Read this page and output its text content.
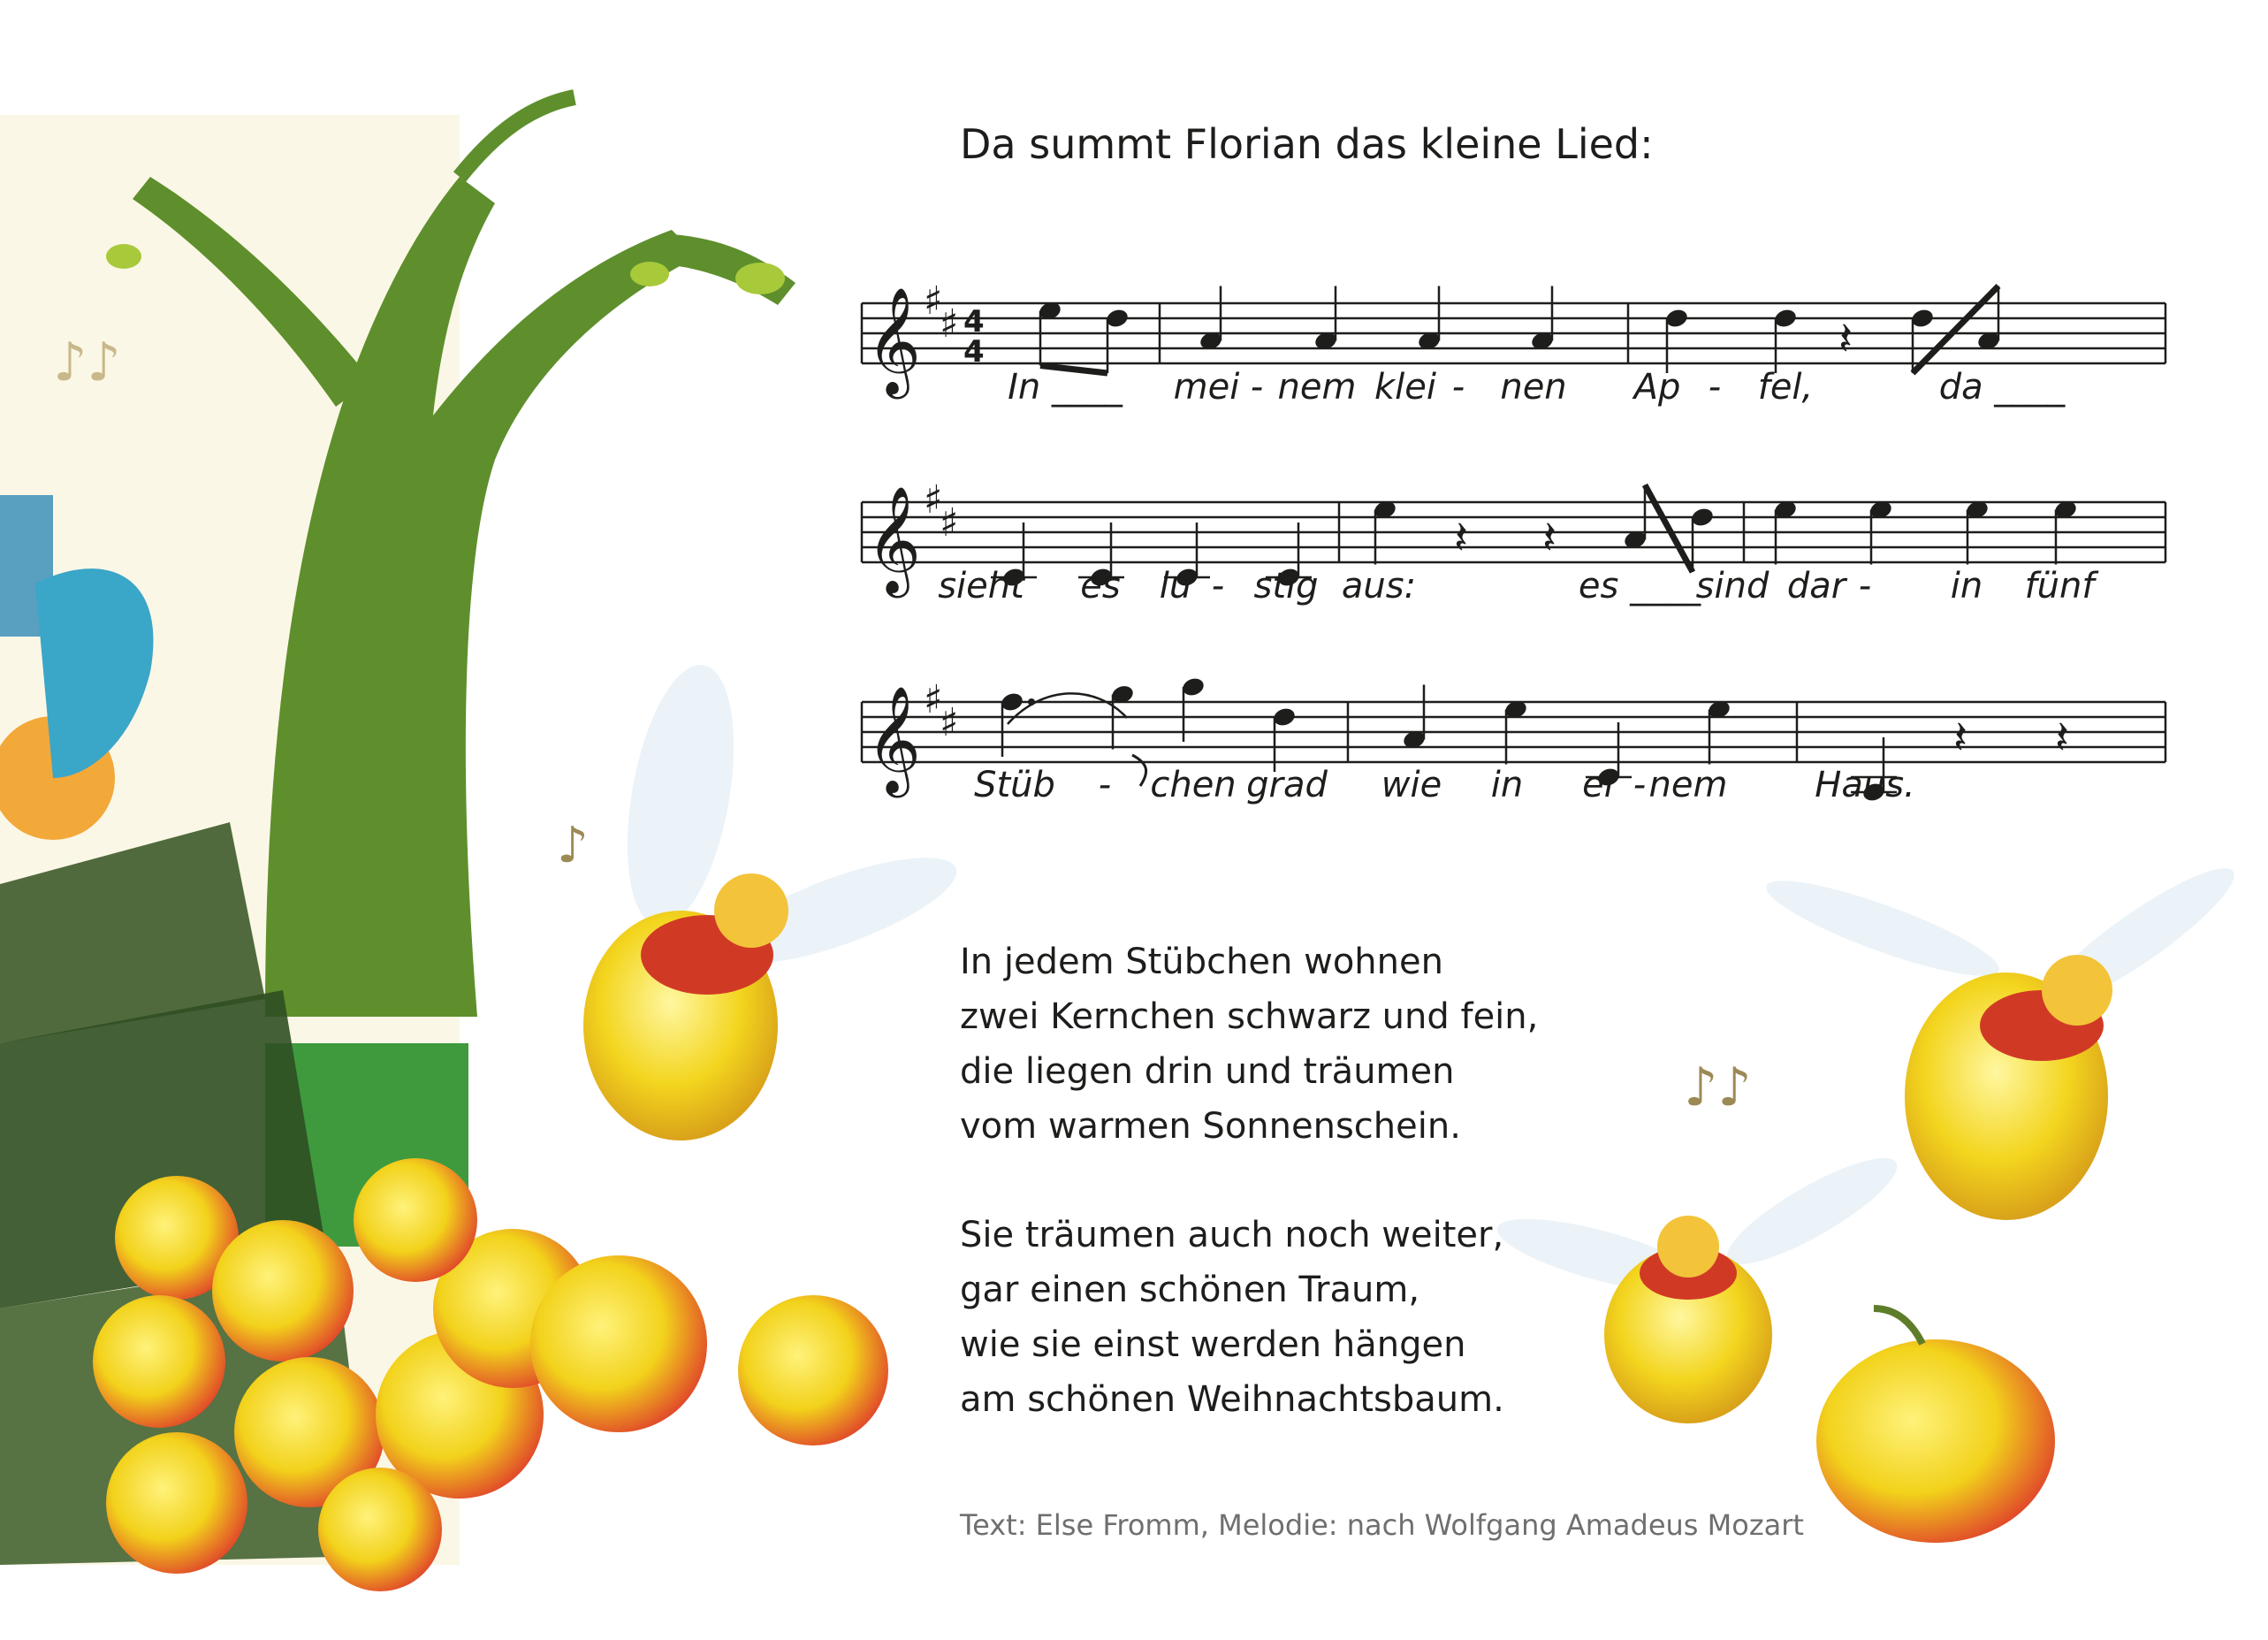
♪♪
♪
♪♪
Da summt Florian das kleine Lied:
𝄞 ♯
♯ 4
4	𝄽
𝄞 ♯
♯	𝄽 𝄽
𝄞 ♯
♯	𝄽 𝄽
In ____ mei - nem klei - nen Ap - fel,	da ____
sieht es lu - stig aus:	es ____
sind dar - in fünf
Stüb - chen grad wie in ei - nem Haus.
In jedem Stübchen wohnen
zwei Kernchen schwarz und fein,
die liegen drin und träumen
vom warmen Sonnenschein.
Sie träumen auch noch weiter,
gar einen schönen Traum,
wie sie einst werden hängen
am schönen Weihnachtsbaum.
Text: Else Fromm, Melodie: nach Wolfgang Amadeus Mozart
